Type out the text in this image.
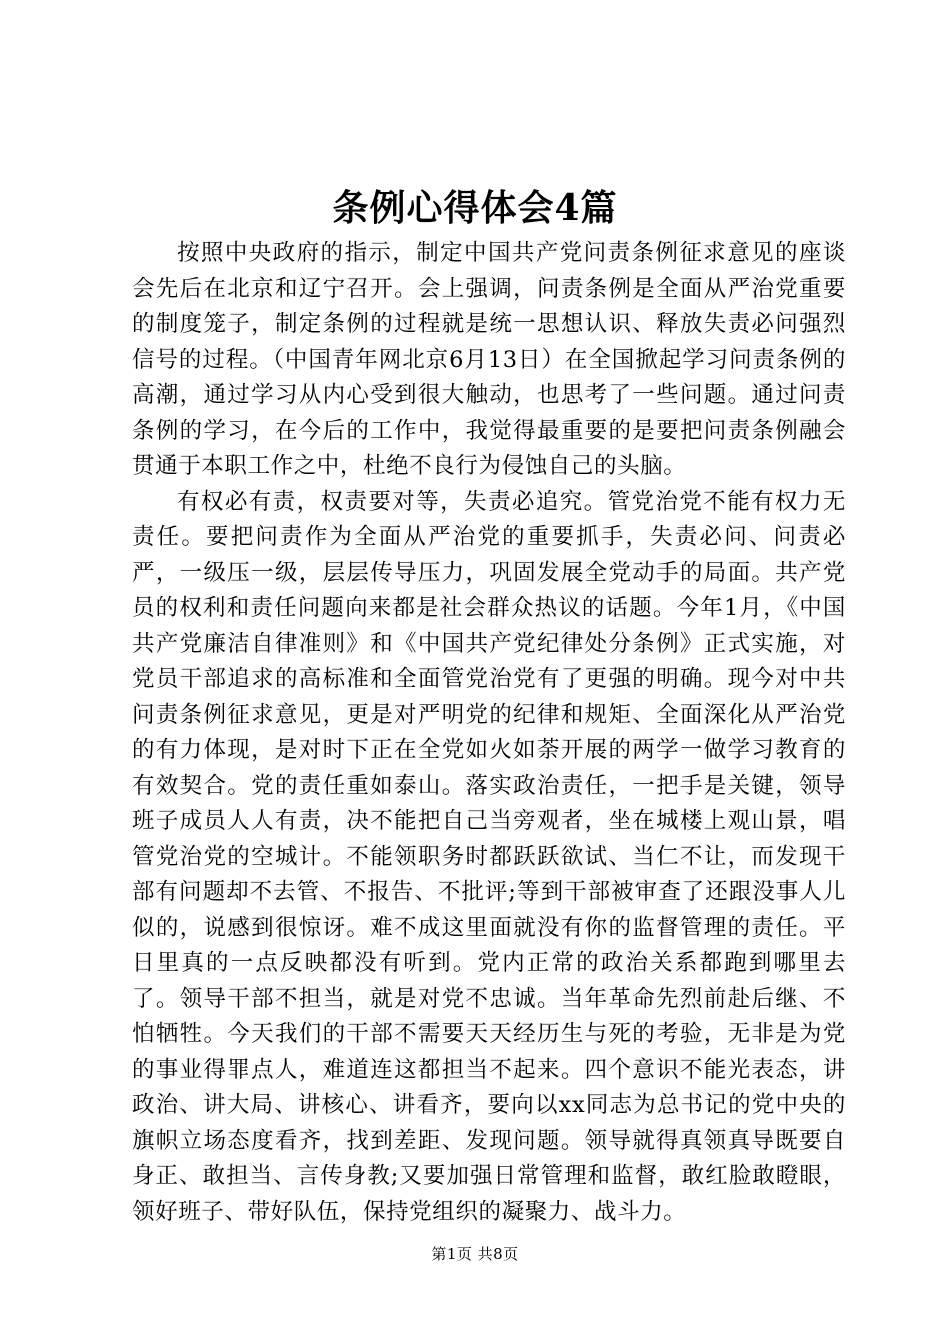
条例心得体会4篇

按照中央政府的指示，制定中国共产党问责条例征求意见的座谈会先后在北京和辽宁召开。会上强调，问责条例是全面从严治党重要的制度笼子，制定条例的过程就是统一思想认识、释放失责必问强烈信号的过程。（中国青年网北京6月13日）在全国掀起学习问责条例的高潮，通过学习从内心受到很大触动，也思考了一些问题。通过问责条例的学习，在今后的工作中，我觉得最重要的是要把问责条例融会贯通于本职工作之中，杜绝不良行为侵蚀自己的头脑。

有权必有责，权责要对等，失责必追究。管党治党不能有权力无责任。要把问责作为全面从严治党的重要抓手，失责必问、问责必严，一级压一级，层层传导压力，巩固发展全党动手的局面。共产党员的权利和责任问题向来都是社会群众热议的话题。今年1月，《中国共产党廉洁自律准则》和《中国共产党纪律处分条例》正式实施，对党员干部追求的高标准和全面管党治党有了更强的明确。现今对中共问责条例征求意见，更是对严明党的纪律和规矩、全面深化从严治党的有力体现，是对时下正在全党如火如荼开展的两学一做学习教育的有效契合。党的责任重如泰山。落实政治责任，一把手是关键，领导班子成员人人有责，决不能把自己当旁观者，坐在城楼上观山景，唱管党治党的空城计。不能领职务时都跃跃欲试、当仁不让，而发现干部有问题却不去管、不报告、不批评;等到干部被审查了还跟没事人儿似的，说感到很惊讶。难不成这里面就没有你的监督管理的责任。平日里真的一点反映都没有听到。党内正常的政治关系都跑到哪里去了。领导干部不担当，就是对党不忠诚。当年革命先烈前赴后继、不怕牺牲。今天我们的干部不需要天天经历生与死的考验，无非是为党的事业得罪点人，难道连这都担当不起来。四个意识不能光表态，讲政治、讲大局、讲核心、讲看齐，要向以xx同志为总书记的党中央的旗帜立场态度看齐，找到差距、发现问题。领导就得真领真导既要自身正、敢担当、言传身教;又要加强日常管理和监督，敢红脸敢瞪眼，领好班子、带好队伍，保持党组织的凝聚力、战斗力。

第1页 共8页
